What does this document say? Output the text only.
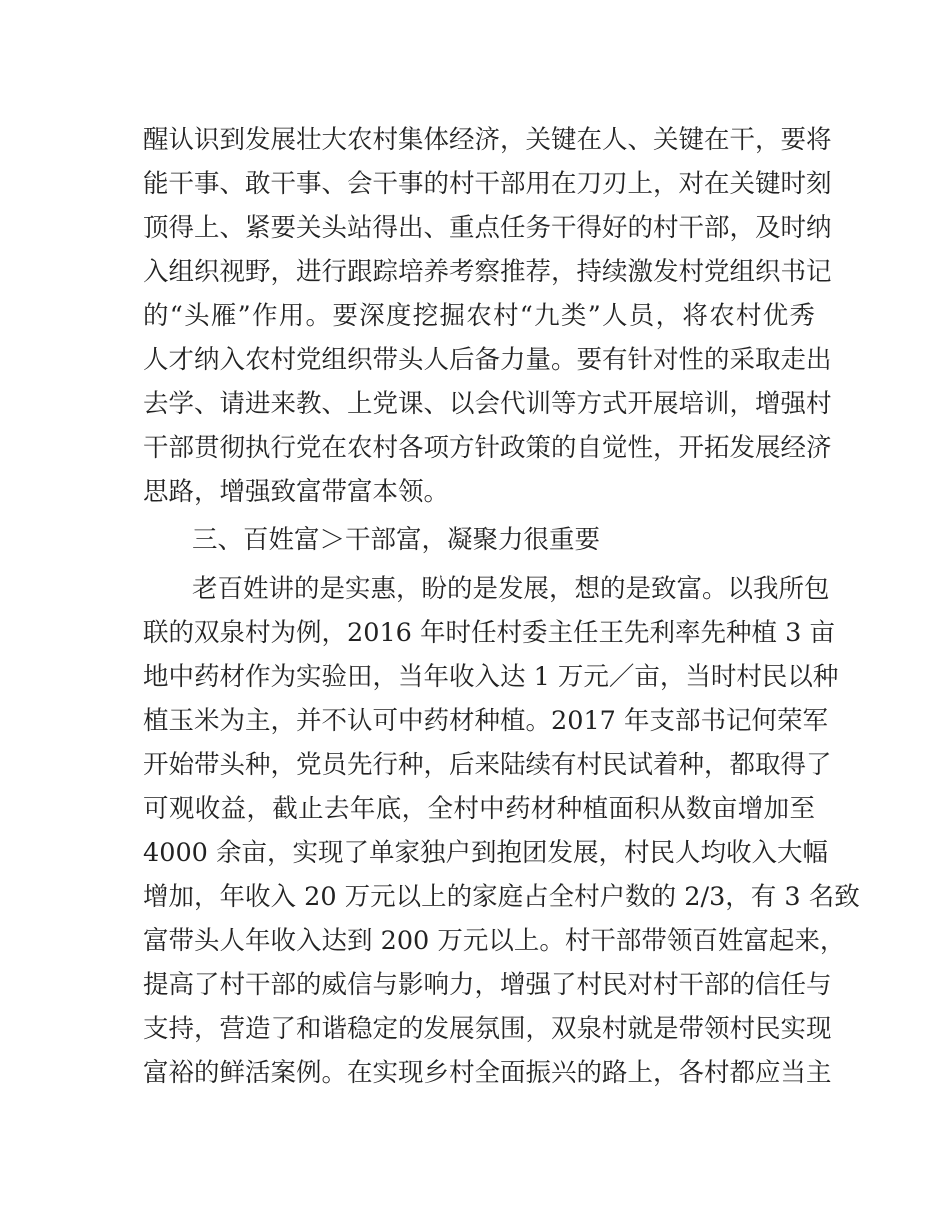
醒认识到发展壮大农村集体经济，关键在人、关键在干，要将
能干事、敢干事、会干事的村干部用在刀刃上，对在关键时刻
顶得上、紧要关头站得出、重点任务干得好的村干部，及时纳
入组织视野，进行跟踪培养考察推荐，持续激发村党组织书记
的“头雁”作用。要深度挖掘农村“九类”人员，将农村优秀
人才纳入农村党组织带头人后备力量。要有针对性的采取走出
去学、请进来教、上党课、以会代训等方式开展培训，增强村
干部贯彻执行党在农村各项方针政策的自觉性，开拓发展经济
思路，增强致富带富本领。
三、百姓富＞干部富，凝聚力很重要
老百姓讲的是实惠，盼的是发展，想的是致富。以我所包
联的双泉村为例，2016 年时任村委主任王先利率先种植 3 亩
地中药材作为实验田，当年收入达 1 万元／亩，当时村民以种
植玉米为主，并不认可中药材种植。2017 年支部书记何荣军
开始带头种，党员先行种，后来陆续有村民试着种，都取得了
可观收益，截止去年底，全村中药材种植面积从数亩增加至
4000 余亩，实现了单家独户到抱团发展，村民人均收入大幅
增加，年收入 20 万元以上的家庭占全村户数的 2/3，有 3 名致
富带头人年收入达到 200 万元以上。村干部带领百姓富起来，
提高了村干部的威信与影响力，增强了村民对村干部的信任与
支持，营造了和谐稳定的发展氛围，双泉村就是带领村民实现
富裕的鲜活案例。在实现乡村全面振兴的路上，各村都应当主
